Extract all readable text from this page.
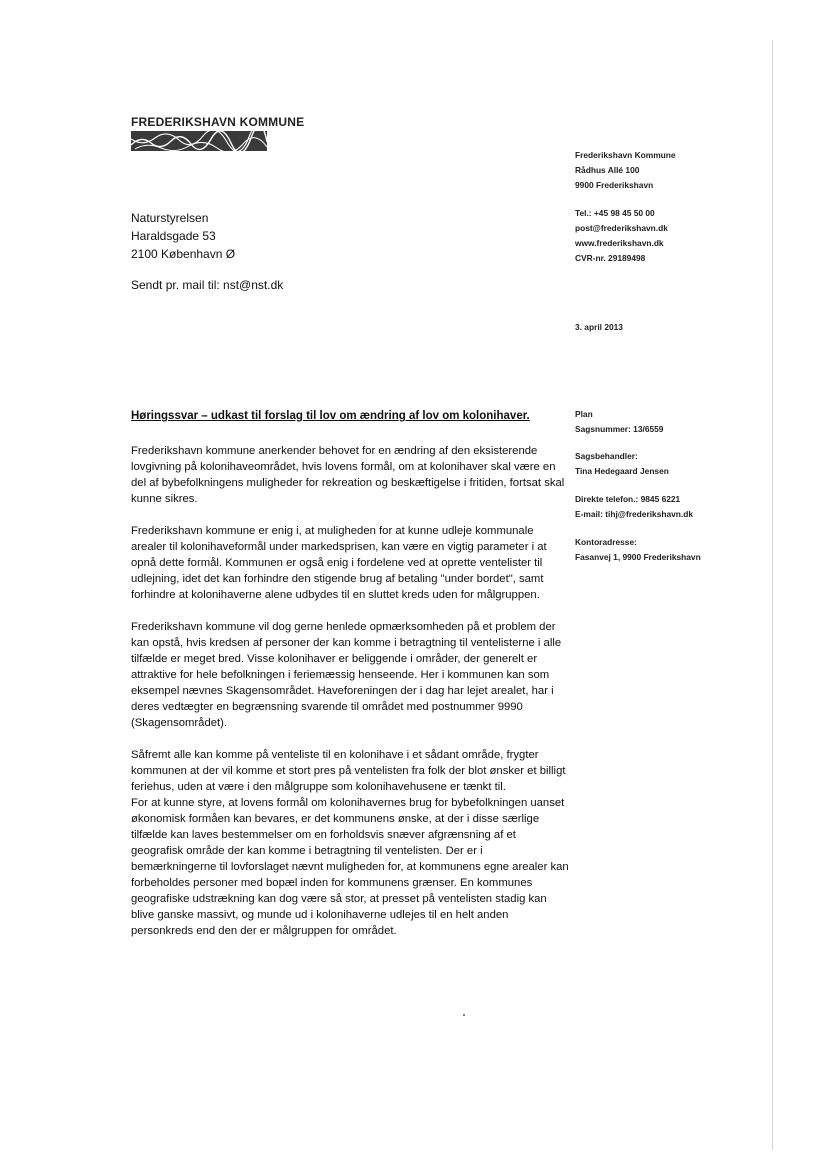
FREDERIKSHAVN KOMMUNE
Naturstyrelsen
Haraldsgade 53
2100 København Ø
Sendt pr. mail til: nst@nst.dk
Frederikshavn Kommune
Rådhus Allé 100
9900 Frederikshavn
Tel.: +45 98 45 50 00
post@frederikshavn.dk
www.frederikshavn.dk
CVR-nr. 29189498
3. april 2013
Plan
Sagsnummer: 13/6559
Sagsbehandler:
Tina Hedegaard Jensen
Direkte telefon.: 9845 6221
E-mail: tihj@frederikshavn.dk
Kontoradresse:
Fasanvej 1, 9900 Frederikshavn
Høringssvar – udkast til forslag til lov om ændring af lov om kolonihaver.

Frederikshavn kommune anerkender behovet for en ændring af den eksisterende lovgivning på kolonihaveområdet, hvis lovens formål, om at kolonihaver skal være en del af bybefolkningens muligheder for rekreation og beskæftigelse i fritiden, fortsat skal kunne sikres.

Frederikshavn kommune er enig i, at muligheden for at kunne udleje kommunale arealer til kolonihaveformål under markedsprisen, kan være en vigtig parameter i at opnå dette formål. Kommunen er også enig i fordelene ved at oprette ventelister til udlejning, idet det kan forhindre den stigende brug af betaling "under bordet", samt forhindre at kolonihaverne alene udbydes til en sluttet kreds uden for målgruppen.

Frederikshavn kommune vil dog gerne henlede opmærksomheden på et problem der kan opstå, hvis kredsen af personer der kan komme i betragtning til ventelisterne i alle tilfælde er meget bred. Visse kolonihaver er beliggende i områder, der generelt er attraktive for hele befolkningen i feriemæssig henseende. Her i kommunen kan som eksempel nævnes Skagensområdet. Haveforeningen der i dag har lejet arealet, har i deres vedtægter en begrænsning svarende til området med postnummer 9990 (Skagensområdet).

Såfremt alle kan komme på venteliste til en kolonihave i et sådant område, frygter kommunen at der vil komme et stort pres på ventelisten fra folk der blot ønsker et billigt feriehus, uden at være i den målgruppe som kolonihavehusene er tænkt til.

For at kunne styre, at lovens formål om kolonihavernes brug for bybefolkningen uanset økonomisk formåen kan bevares, er det kommunens ønske, at der i disse særlige tilfælde kan laves bestemmelser om en forholdsvis snæver afgrænsning af et geografisk område der kan komme i betragtning til ventelisten. Der er i bemærkningerne til lovforslaget nævnt muligheden for, at kommunens egne arealer kan forbeholdes personer med bopæl inden for kommunens grænser. En kommunes geografiske udstrækning kan dog være så stor, at presset på ventelisten stadig kan blive ganske massivt, og munde ud i kolonihaverne udlejes til en helt anden personkreds end den der er målgruppen for området.
